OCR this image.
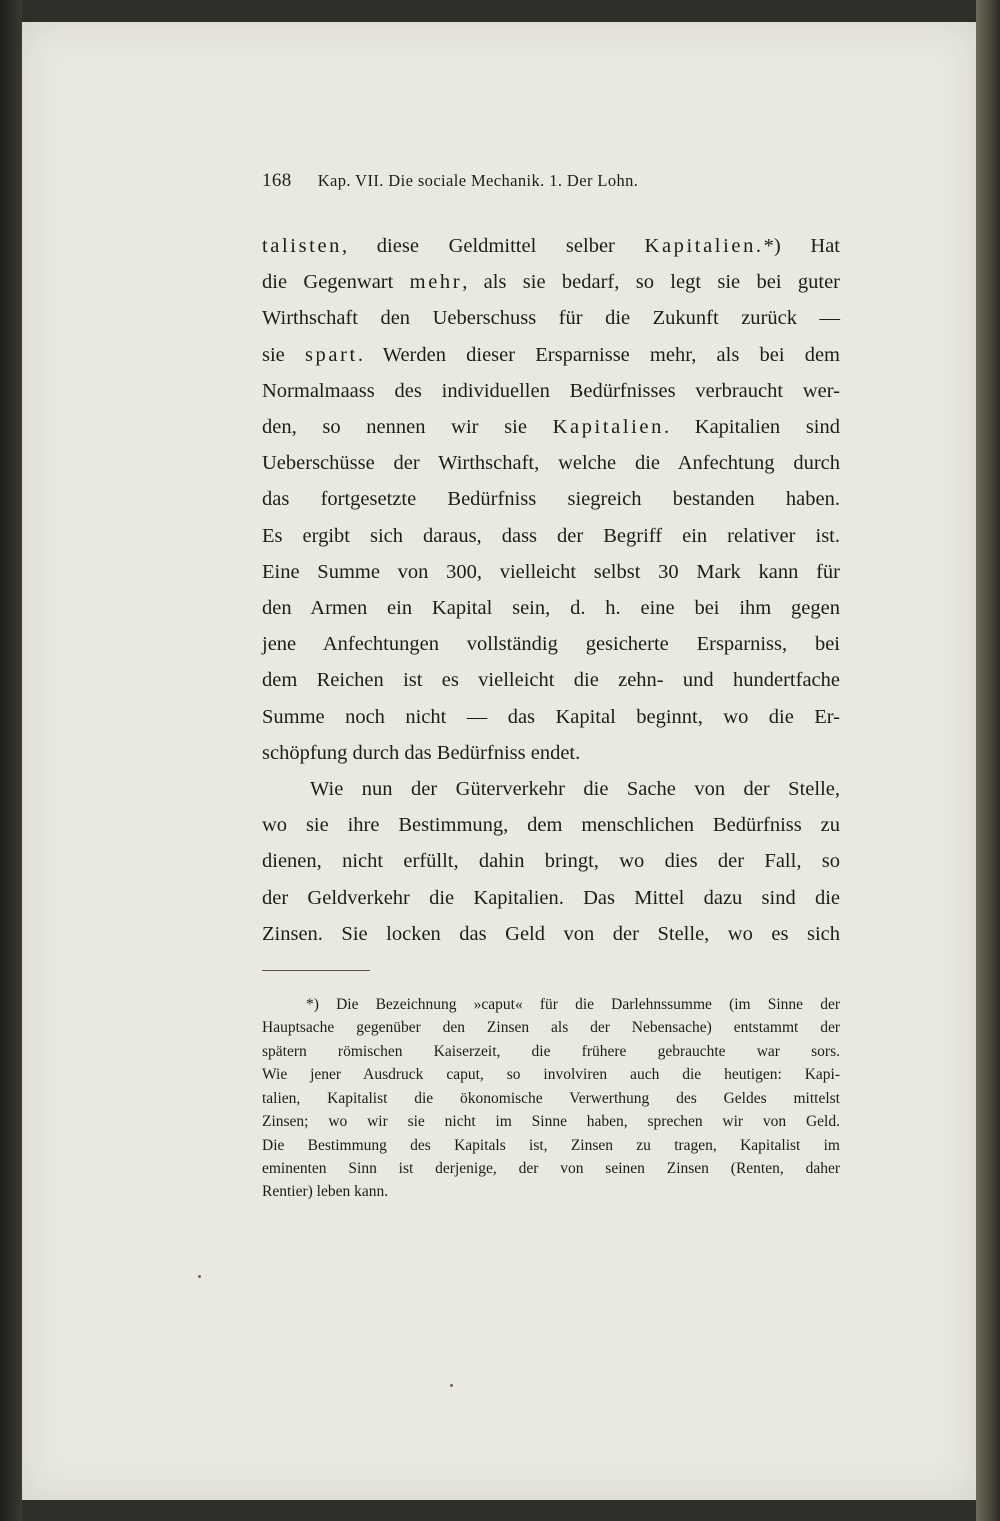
168 Kap. VII. Die sociale Mechanik. 1. Der Lohn.
talisten, diese Geldmittel selber Kapitalien.*) Hat
die Gegenwart mehr, als sie bedarf, so legt sie bei guter
Wirthschaft den Ueberschuss für die Zukunft zurück —
sie spart. Werden dieser Ersparnisse mehr, als bei dem
Normalmaass des individuellen Bedürfnisses verbraucht wer-
den, so nennen wir sie Kapitalien. Kapitalien sind
Ueberschüsse der Wirthschaft, welche die Anfechtung durch
das fortgesetzte Bedürfniss siegreich bestanden haben.
Es ergibt sich daraus, dass der Begriff ein relativer ist.
Eine Summe von 300, vielleicht selbst 30 Mark kann für
den Armen ein Kapital sein, d. h. eine bei ihm gegen
jene Anfechtungen vollständig gesicherte Ersparniss, bei
dem Reichen ist es vielleicht die zehn- und hundertfache
Summe noch nicht — das Kapital beginnt, wo die Er-
schöpfung durch das Bedürfniss endet.
Wie nun der Güterverkehr die Sache von der Stelle,
wo sie ihre Bestimmung, dem menschlichen Bedürfniss zu
dienen, nicht erfüllt, dahin bringt, wo dies der Fall, so
der Geldverkehr die Kapitalien. Das Mittel dazu sind die
Zinsen. Sie locken das Geld von der Stelle, wo es sich
*) Die Bezeichnung »caput« für die Darlehnssumme (im Sinne der
Hauptsache gegenüber den Zinsen als der Nebensache) entstammt der
spätern römischen Kaiserzeit, die frühere gebrauchte war sors.
Wie jener Ausdruck caput, so involviren auch die heutigen: Kapi-
talien, Kapitalist die ökonomische Verwerthung des Geldes mittelst
Zinsen; wo wir sie nicht im Sinne haben, sprechen wir von Geld.
Die Bestimmung des Kapitals ist, Zinsen zu tragen, Kapitalist im
eminenten Sinn ist derjenige, der von seinen Zinsen (Renten, daher
Rentier) leben kann.
